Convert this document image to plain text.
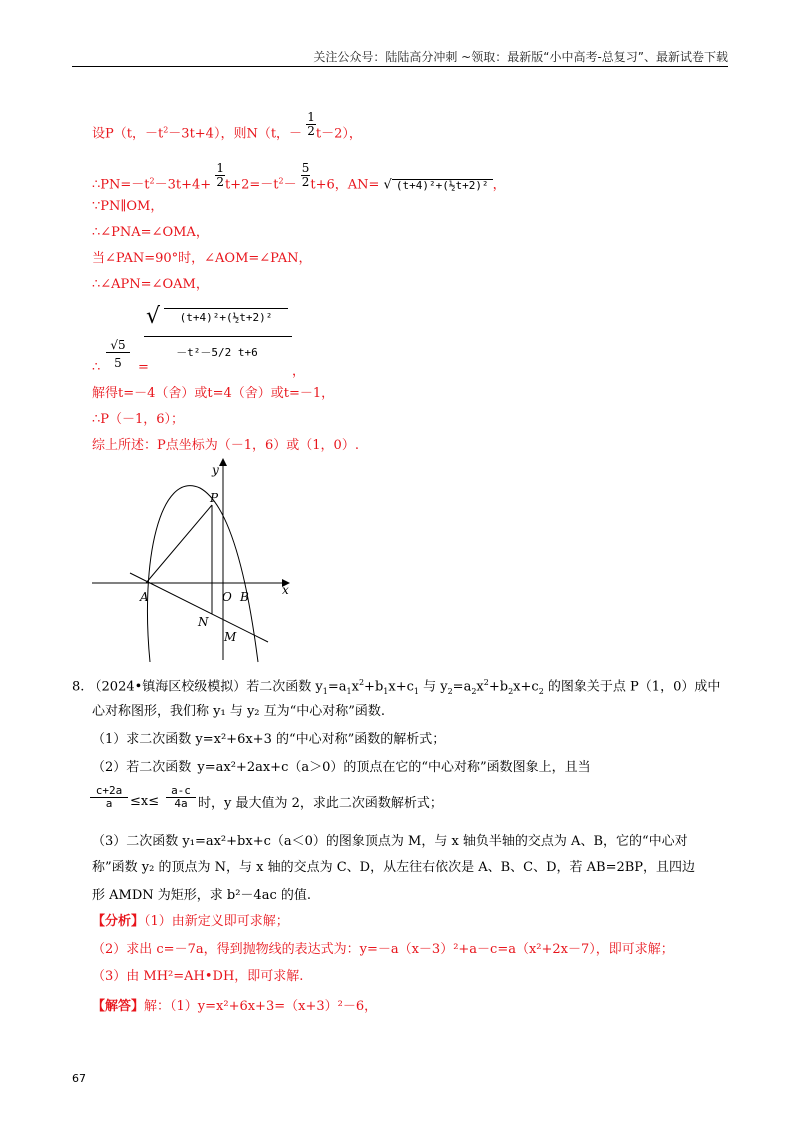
关注公众号：陆陆高分冲刺 ~领取：最新版“小中高考-总复习”、最新试卷下载
设P（t，$-t^2-3t+4$），则N（t，－ $\frac{1}{2} t-2$），
$\therefore PN=-t^2-3t+4+ \frac{1}{2} t+2=-t^2- \frac{5}{2} t+6$，AN= √ (t+4)²+(½t+2)² ，
∵PN∥OM，
∴∠PNA=∠OMA，
当∠PAN=90°时，∠AOM=∠PAN，
∴∠APN=∠OAM，
∴
√5
5	=
√	(t+4)²+(½t+2)²
－t²－5/2 t+6
，
解得t=－4（舍）或t=4（舍）或t=－1，
∴P（－1，6）；
综上所述：P点坐标为（－1，6）或（1，0）.
y
x
P
A	O B
N
M
8. （2024•镇海区校级模拟）若二次函数 $y_1=a_1x^2+b_1x+c_1$ 与 $y_2=a_2x^2+b_2x+c_2$ 的图象关于点 P（1，0）成中
心对称图形，我们称 y₁ 与 y₂ 互为“中心对称”函数.
（1）求二次函数 y=x²+6x+3 的“中心对称”函数的解析式；
（2）若二次函数 y=ax²+2ax+c（a＞0）的顶点在它的“中心对称”函数图象上，且当
$\frac{c+2a}{a} \le x\le \frac{a-c}{4a}$ 时，y 最大值为 2，求此二次函数解析式；
（3）二次函数 y₁=ax²+bx+c（a＜0）的图象顶点为 M，与 x 轴负半轴的交点为 A、B，它的“中心对
称”函数 y₂ 的顶点为 N，与 x 轴的交点为 C、D，从左往右依次是 A、B、C、D，若 AB=2BP，且四边
形 AMDN 为矩形，求 b²－4ac 的值.
【分析】（1）由新定义即可求解；
（2）求出 c=－7a，得到抛物线的表达式为：y=－a（x－3）²+a－c=a（x²+2x－7），即可求解；
（3）由 MH²=AH•DH，即可求解.
【解答】解：（1）y=x²+6x+3=（x+3）²－6，
67
